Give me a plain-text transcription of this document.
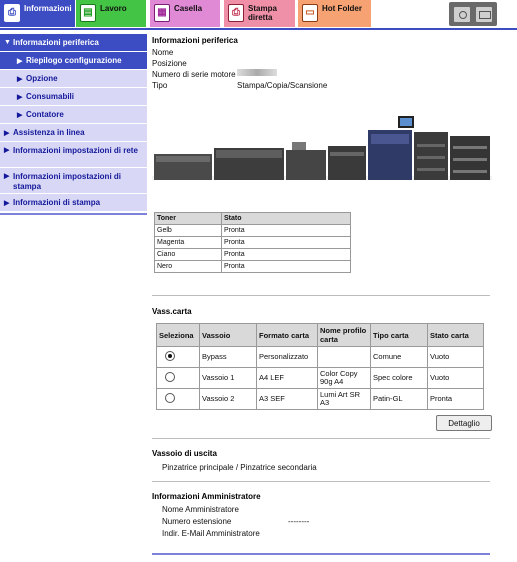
⎙	Informazioni	▤ Lavoro	▦ Casella	⎙	Stampa
diretta	▭ Hot Folder
▼ Informazioni periferica
▶ Riepilogo configurazione
▶ Opzione
▶ Consumabili
▶ Contatore
▶ Assistenza in linea
▶ Informazioni impostazioni di rete
▶ Informazioni impostazioni di stampa
▶ Informazioni di stampa
Informazioni periferica
Nome
Posizione
Numero di serie motore
Tipo	Stampa/Copia/Scansione
Toner	Stato
Gelb	Pronta
Magenta	Pronta
Ciano	Pronta
Nero	Pronta
Vass.carta
Seleziona	Vassoio	Formato carta	Nome profilo carta	Tipo carta	Stato carta
	Bypass	Personalizzato		Comune	Vuoto
	Vassoio 1	A4 LEF	Color Copy 90g A4	Spec colore	Vuoto
	Vassoio 2	A3 SEF	Lumi Art SR A3	Patin-GL	Pronta
Dettaglio
Vassoio di uscita
Pinzatrice principale / Pinzatrice secondaria
Informazioni Amministratore
Nome Amministratore
Numero estensione	--------
Indir. E-Mail Amministratore
